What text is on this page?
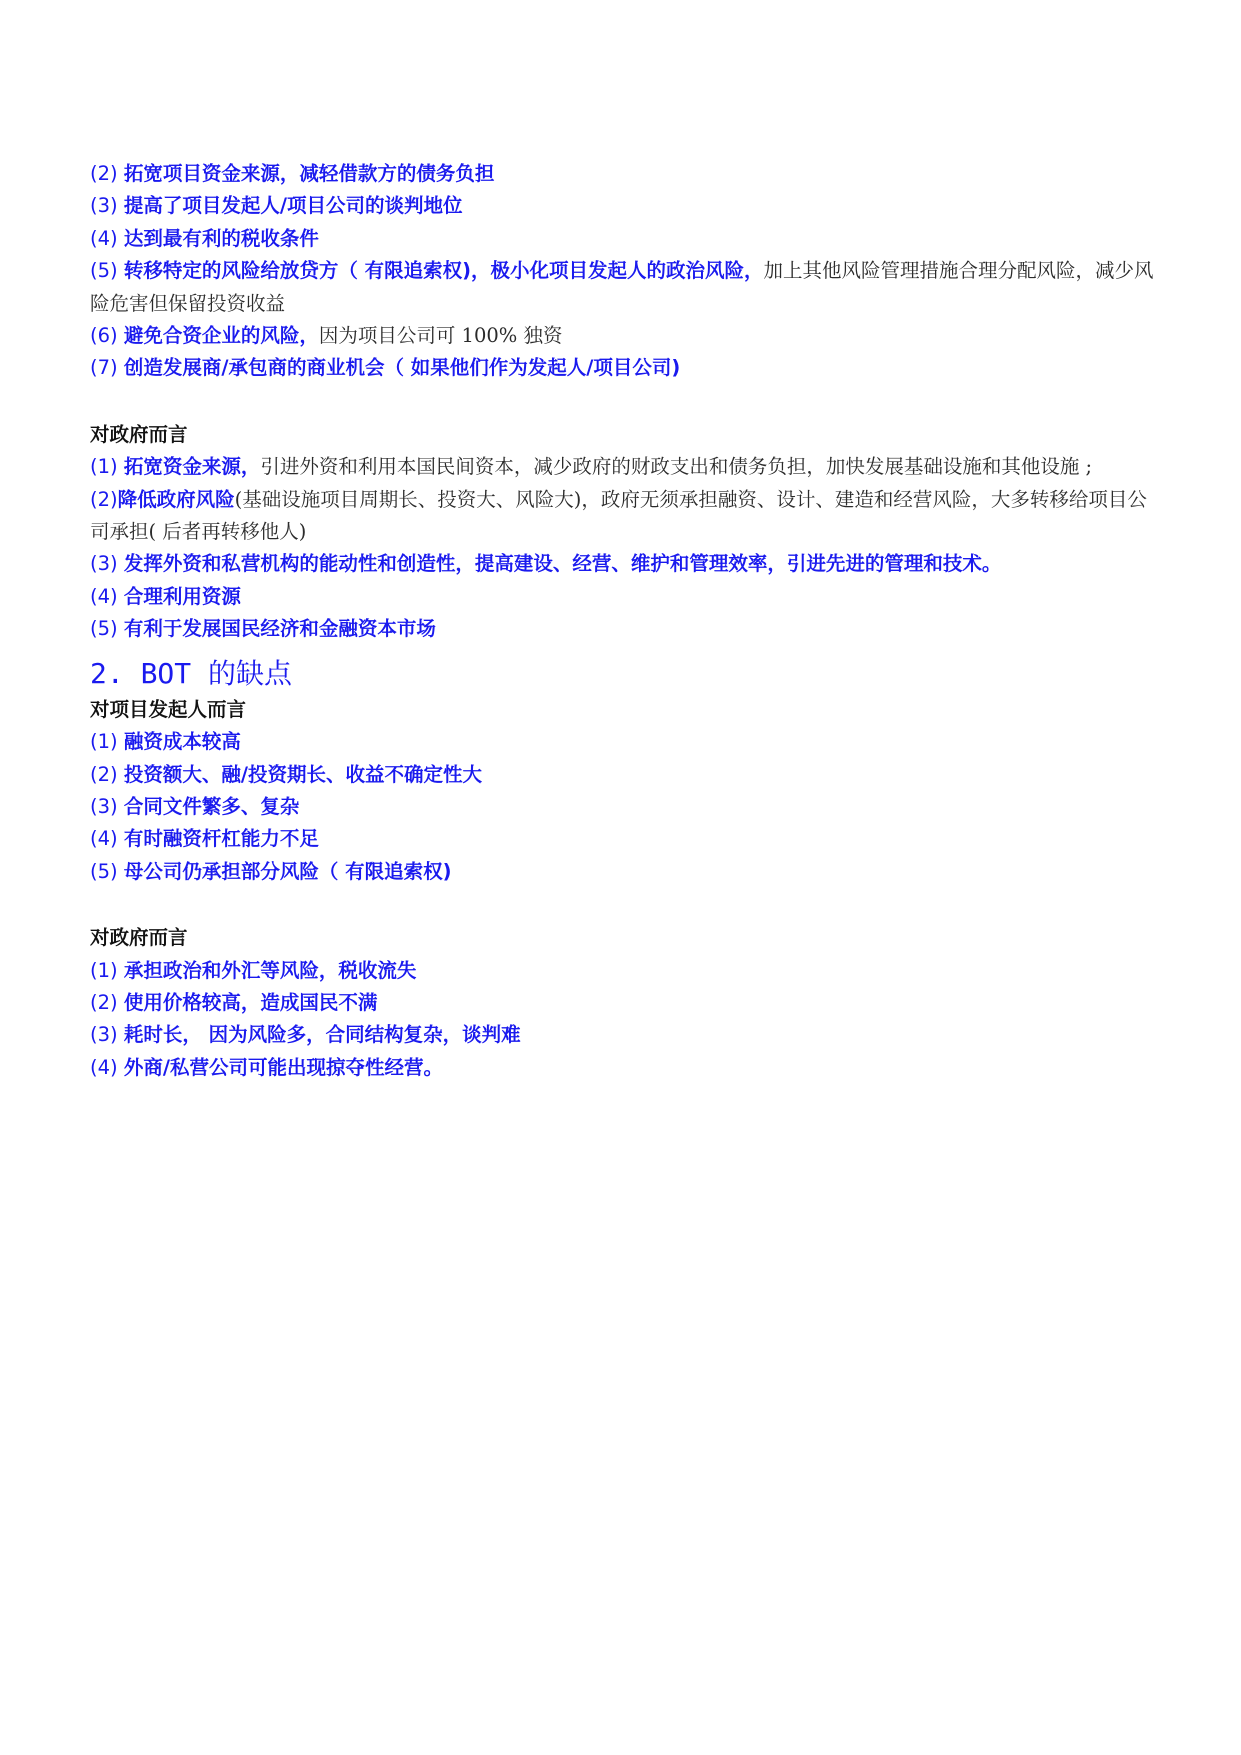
(2) 拓宽项目资金来源，减轻借款方的债务负担
(3) 提高了项目发起人/项目公司的谈判地位
(4) 达到最有利的税收条件
(5) 转移特定的风险给放贷方（ 有限追索权)，极小化项目发起人的政治风险，加上其他风险管理措施合理分配风险，减少风险危害但保留投资收益
(6) 避免合资企业的风险，因为项目公司可 100% 独资
(7) 创造发展商/承包商的商业机会（ 如果他们作为发起人/项目公司)
对政府而言
(1) 拓宽资金来源，引进外资和利用本国民间资本，减少政府的财政支出和债务负担，加快发展基础设施和其他设施 ;
(2)降低政府风险(基础设施项目周期长、投资大、风险大)，政府无须承担融资、设计、建造和经营风险，大多转移给项目公司承担( 后者再转移他人)
(3) 发挥外资和私营机构的能动性和创造性，提高建设、经营、维护和管理效率，引进先进的管理和技术。
(4) 合理利用资源
(5) 有利于发展国民经济和金融资本市场
2. BOT 的缺点
对项目发起人而言
(1) 融资成本较高
(2) 投资额大、融/投资期长、收益不确定性大
(3) 合同文件繁多、复杂
(4) 有时融资杆杠能力不足
(5) 母公司仍承担部分风险（ 有限追索权)
对政府而言
(1) 承担政治和外汇等风险，税收流失
(2) 使用价格较高，造成国民不满
(3) 耗时长， 因为风险多，合同结构复杂，谈判难
(4) 外商/私营公司可能出现掠夺性经营。
